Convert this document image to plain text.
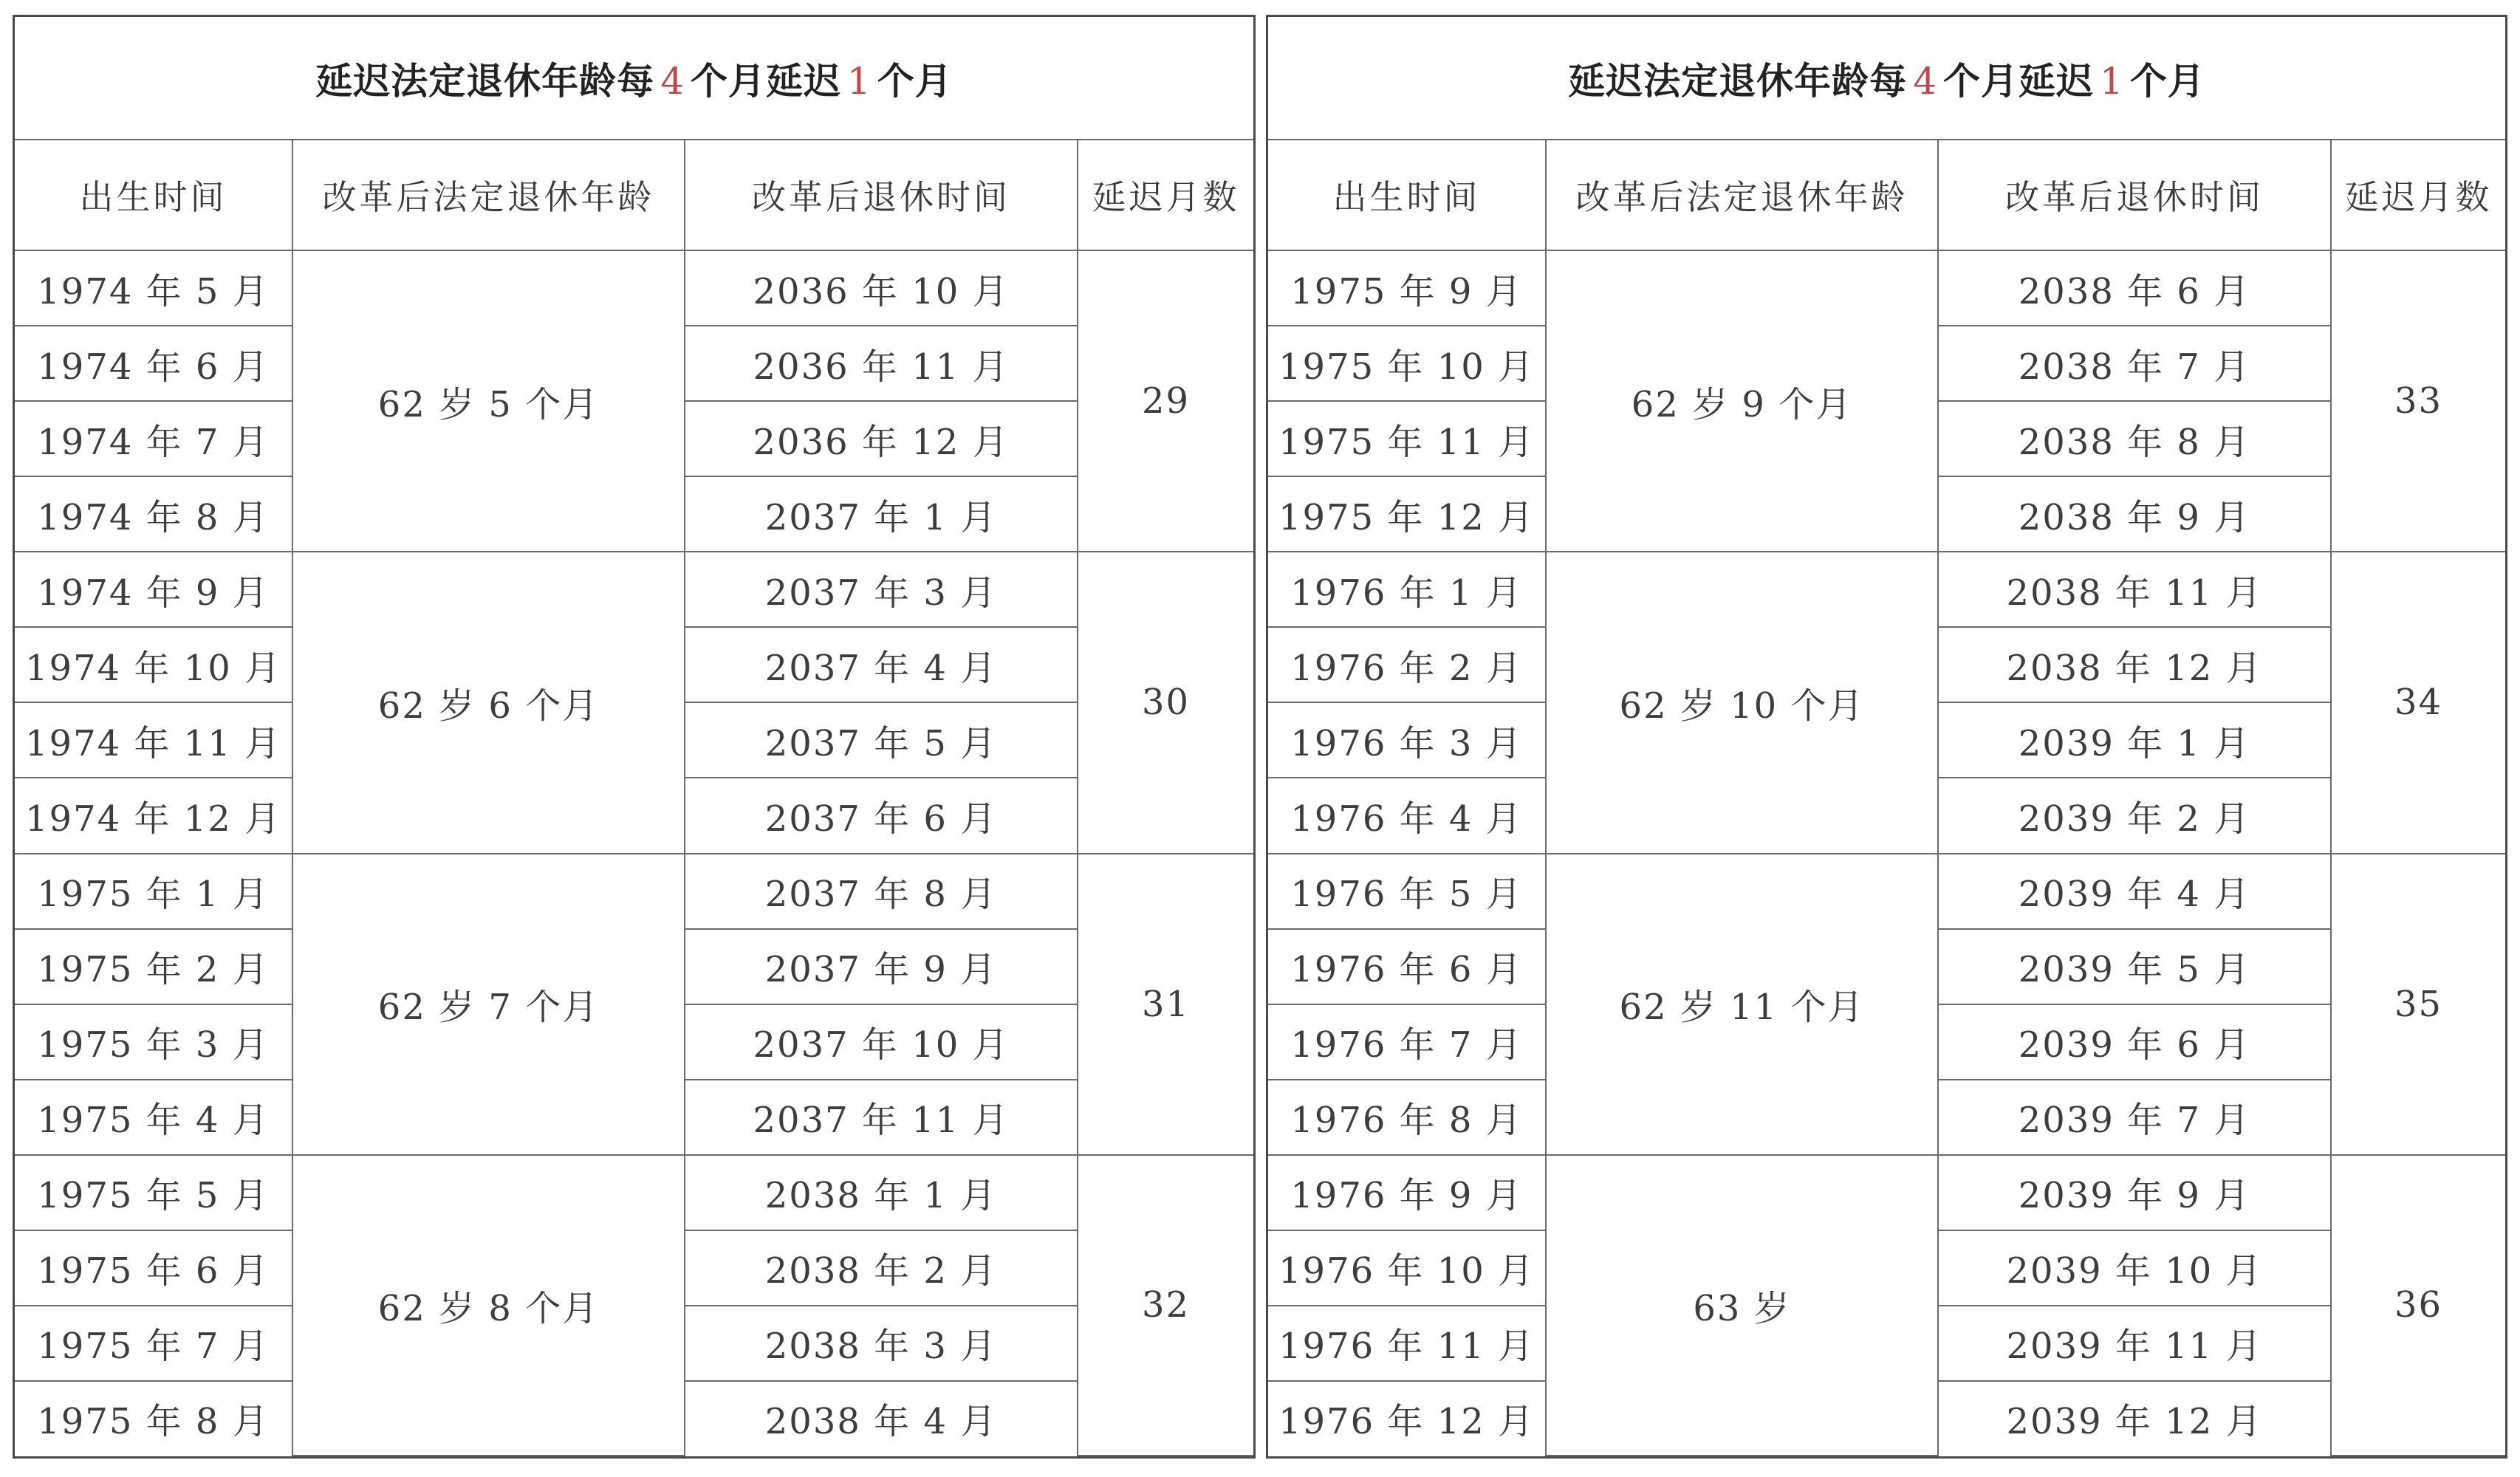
延迟法定退休年龄每 4 个月延迟 1 个月			
出生时间	改革后法定退休年龄	改革后退休时间	延迟月数
1974 年 5 月	62 岁 5 个月	2036 年 10 月	29
1974 年 6 月		2036 年 11 月	
1974 年 7 月		2036 年 12 月	
1974 年 8 月		2037 年 1 月	
1974 年 9 月	62 岁 6 个月	2037 年 3 月	30
1974 年 10 月		2037 年 4 月	
1974 年 11 月		2037 年 5 月	
1974 年 12 月		2037 年 6 月	
1975 年 1 月	62 岁 7 个月	2037 年 8 月	31
1975 年 2 月		2037 年 9 月	
1975 年 3 月		2037 年 10 月	
1975 年 4 月		2037 年 11 月	
1975 年 5 月	62 岁 8 个月	2038 年 1 月	32
1975 年 6 月		2038 年 2 月	
1975 年 7 月		2038 年 3 月	
1975 年 8 月		2038 年 4 月	
延迟法定退休年龄每 4 个月延迟 1 个月			
出生时间	改革后法定退休年龄	改革后退休时间	延迟月数
1975 年 9 月	62 岁 9 个月	2038 年 6 月	33
1975 年 10 月		2038 年 7 月	
1975 年 11 月		2038 年 8 月	
1975 年 12 月		2038 年 9 月	
1976 年 1 月	62 岁 10 个月	2038 年 11 月	34
1976 年 2 月		2038 年 12 月	
1976 年 3 月		2039 年 1 月	
1976 年 4 月		2039 年 2 月	
1976 年 5 月	62 岁 11 个月	2039 年 4 月	35
1976 年 6 月		2039 年 5 月	
1976 年 7 月		2039 年 6 月	
1976 年 8 月		2039 年 7 月	
1976 年 9 月	63 岁	2039 年 9 月	36
1976 年 10 月		2039 年 10 月	
1976 年 11 月		2039 年 11 月	
1976 年 12 月		2039 年 12 月	
